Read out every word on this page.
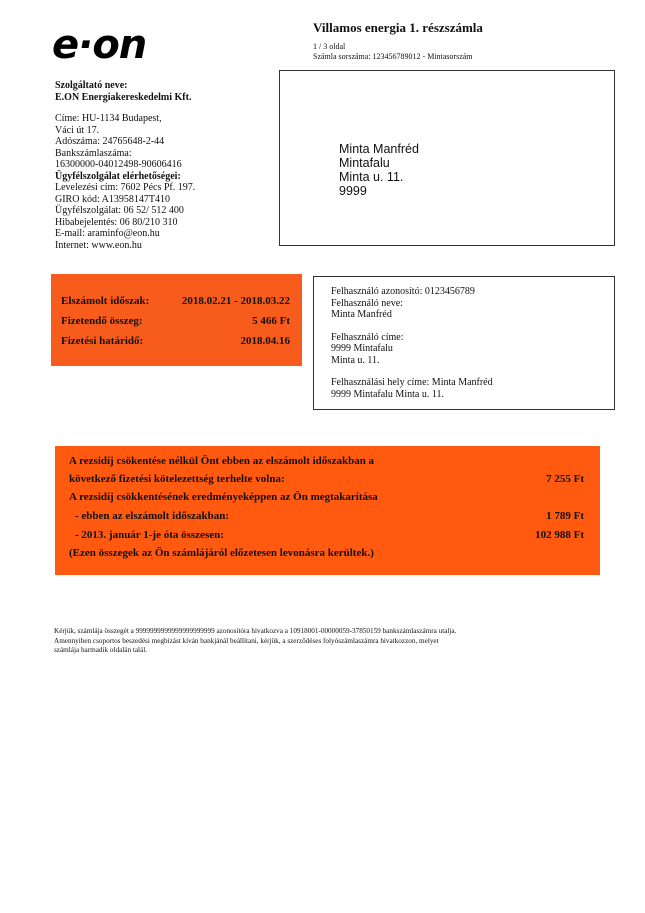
e·on	Villamos energia 1. részszámla
1 / 3 oldal
Számla sorszáma: 123456789012 - Mintasorszám
Szolgáltató neve:
E.ON Energiakereskedelmi Kft.
Címe: HU-1134 Budapest,
Váci út 17.
Adószáma: 24765648-2-44
Bankszámlaszáma:
16300000-04012498-90606416
Ügyfélszolgálat elérhetőségei:
Levelezési cím: 7602 Pécs Pf. 197.
GIRO kód: A13958147T410
Ügyfélszolgálat: 06 52/ 512 400
Hibabejelentés: 06 80/210 310
E-mail: araminfo@eon.hu
Internet: www.eon.hu
Minta Manfréd
Mintafalu
Minta u. 11.
9999
Elszámolt időszak:	2018.02.21 - 2018.03.22
Fizetendő összeg:	5 466 Ft
Fizetési határidő:	2018.04.16
Felhasználó azonosító: 0123456789
Felhasználó neve:
Minta Manfréd
Felhasználó címe:
9999 Mintafalu
Minta u. 11.
Felhasználási hely címe: Minta Manfréd
9999 Mintafalu Minta u. 11.
A rezsidíj csökentése nélkül Önt ebben az elszámolt időszakban a
következő fizetési kötelezettség terhelte volna:	7 255 Ft
A rezsidíj csökkentésének eredményeképpen az Ön megtakarítása
- ebben az elszámolt időszakban:	1 789 Ft
- 2013. január 1-je óta összesen:	102 988 Ft
(Ezen összegek az Ön számlájáról előzetesen levonásra kerültek.)
Kérjük, számlája összegét a 9999999999999999999999 azonosítóra hivatkozva a 10918001-00000059-37850159 bankszámlaszámra utalja.
Amennyiben csoportos beszedési megbízást kíván bankjánál beállítani, kérjük, a szerződéses folyószámlaszámra hivatkozzon, melyet
számlája harmadik oldalán talál.
